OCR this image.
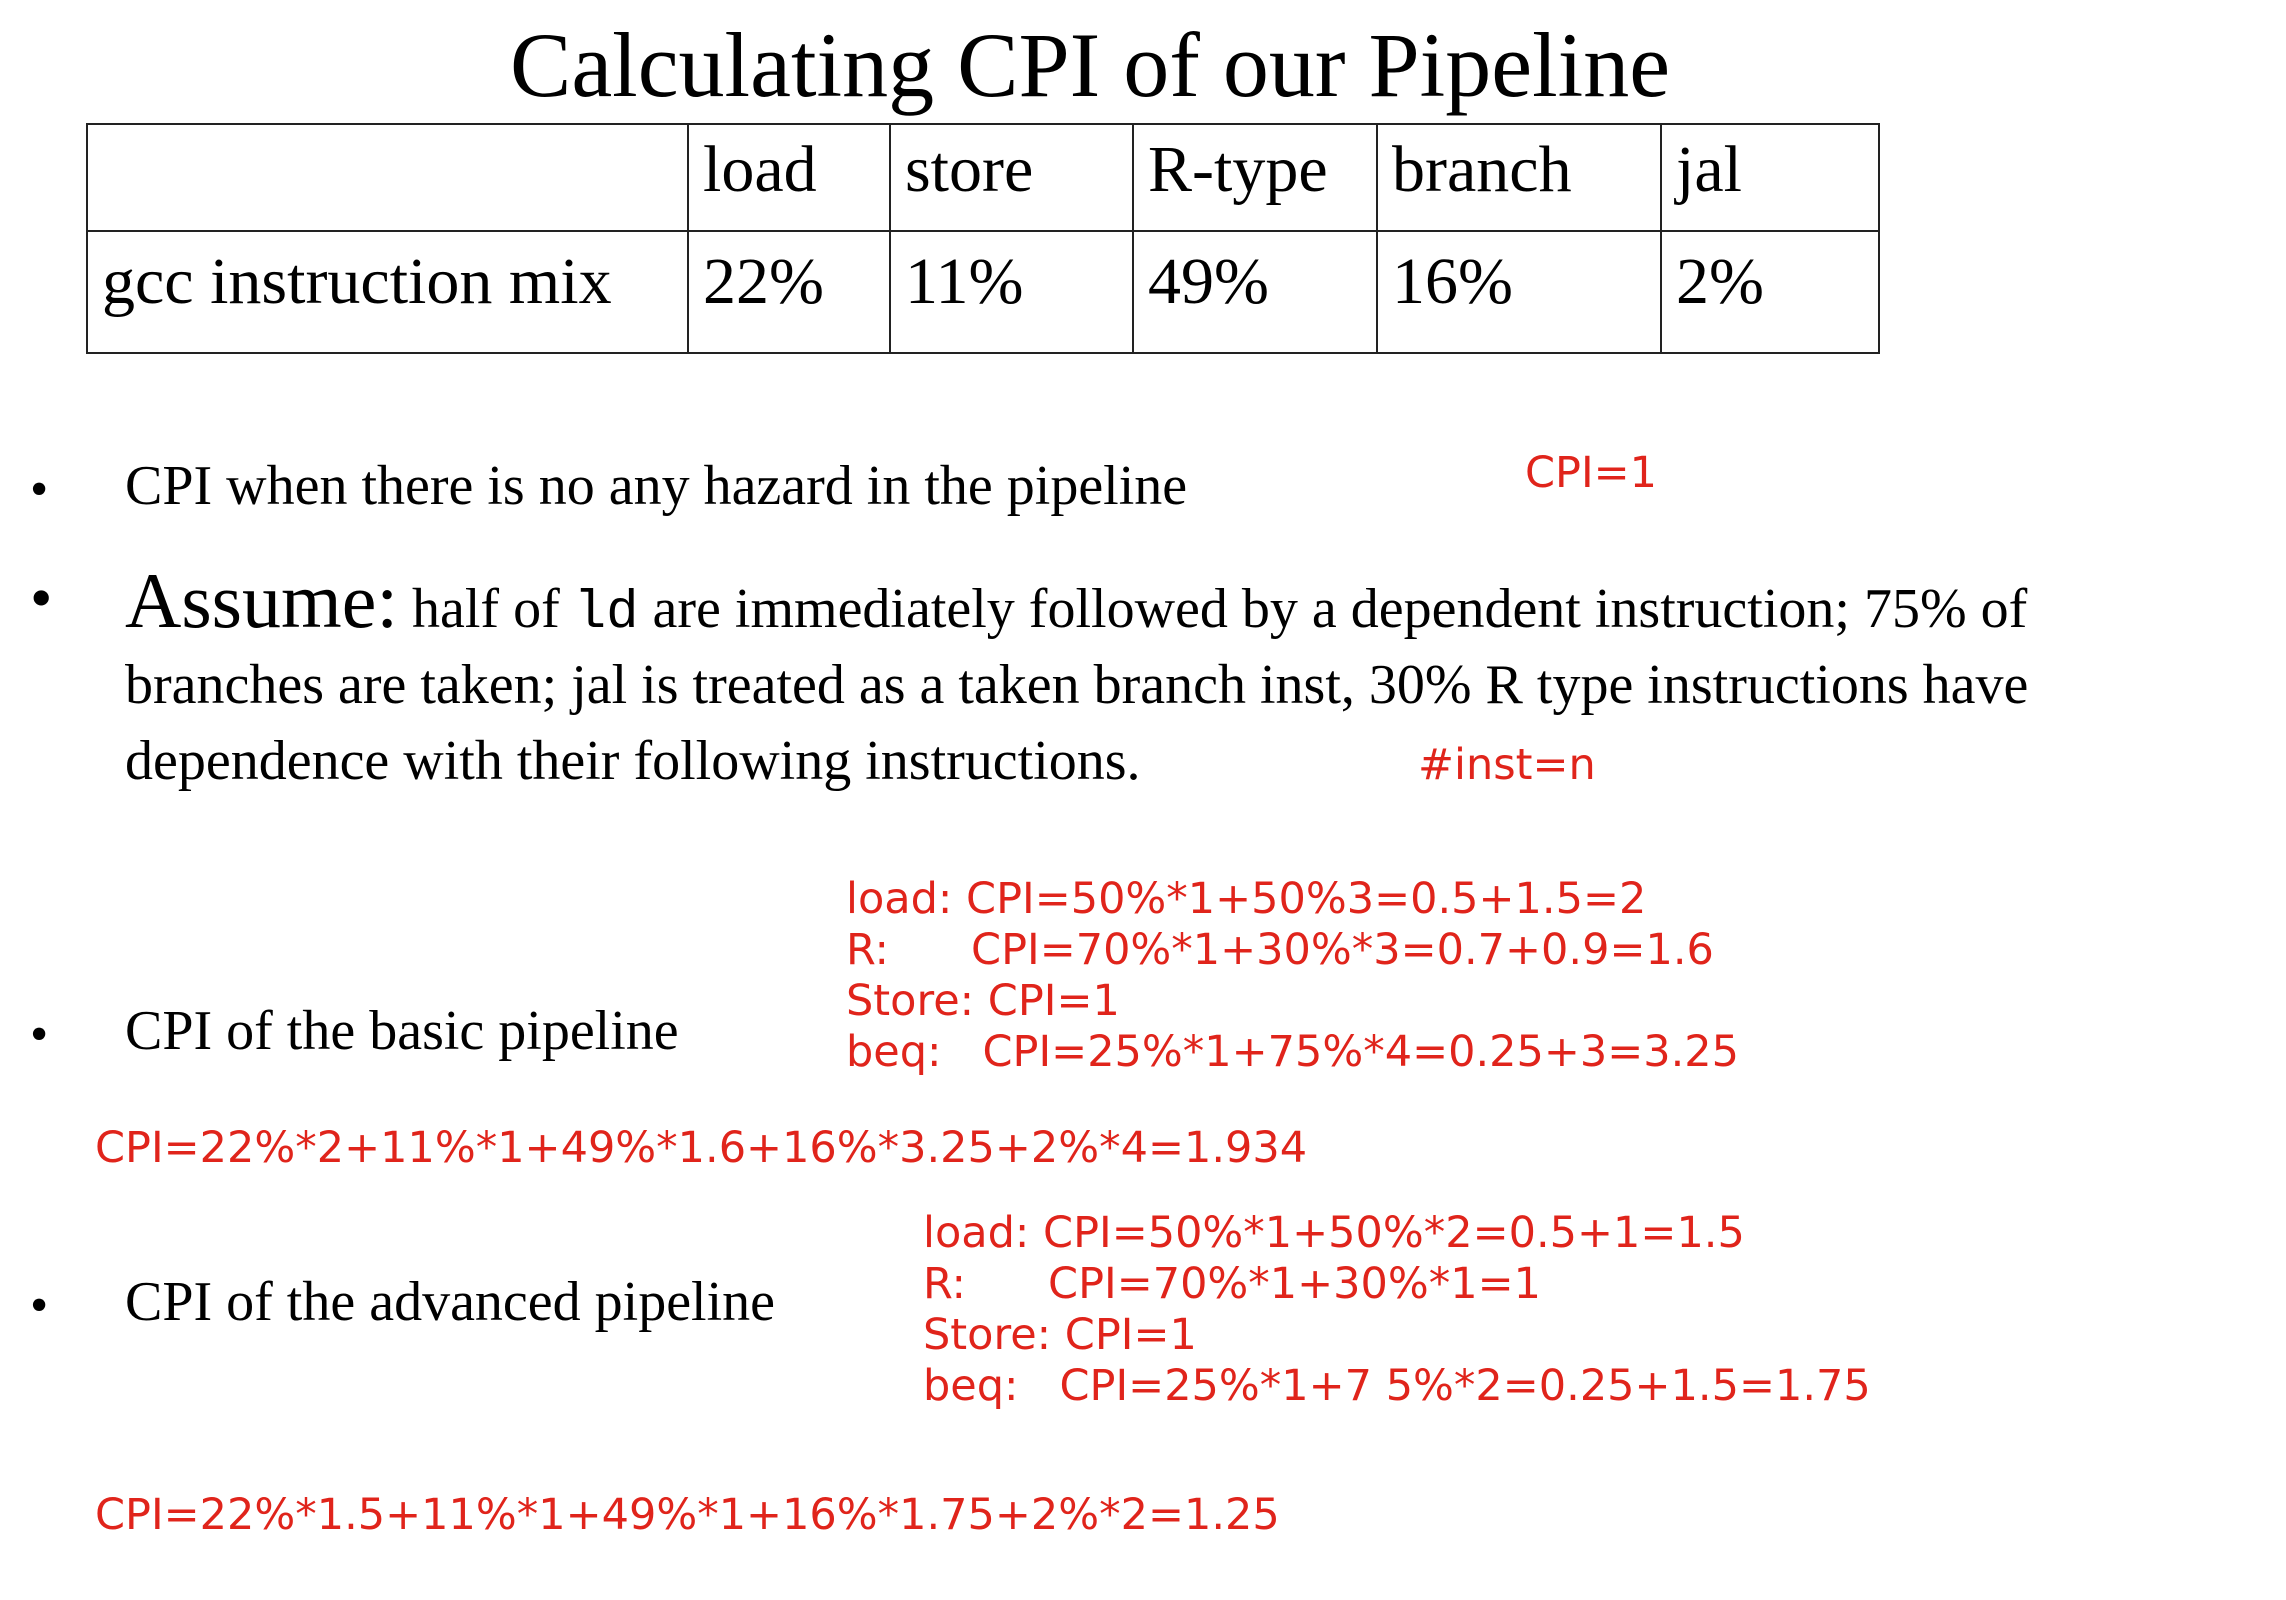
Calculating CPI of our Pipeline
	load	store	R-type	branch	jal
gcc instruction mix	22%	11%	49%	16%	2%
• CPI when there is no any hazard in the pipeline	CPI=1
• Assume: half of ld are immediately followed by a dependent instruction; 75% of
branches are taken; jal is treated as a taken branch inst, 30% R type instructions have
dependence with their following instructions.	#inst=n
load: CPI=50%*1+50%3=0.5+1.5=2
R:      CPI=70%*1+30%*3=0.7+0.9=1.6
Store: CPI=1
beq:   CPI=25%*1+75%*4=0.25+3=3.25
• CPI of the basic pipeline
CPI=22%*2+11%*1+49%*1.6+16%*3.25+2%*4=1.934
load: CPI=50%*1+50%*2=0.5+1=1.5
R:      CPI=70%*1+30%*1=1
Store: CPI=1
beq:   CPI=25%*1+7 5%*2=0.25+1.5=1.75
• CPI of the advanced pipeline
CPI=22%*1.5+11%*1+49%*1+16%*1.75+2%*2=1.25
